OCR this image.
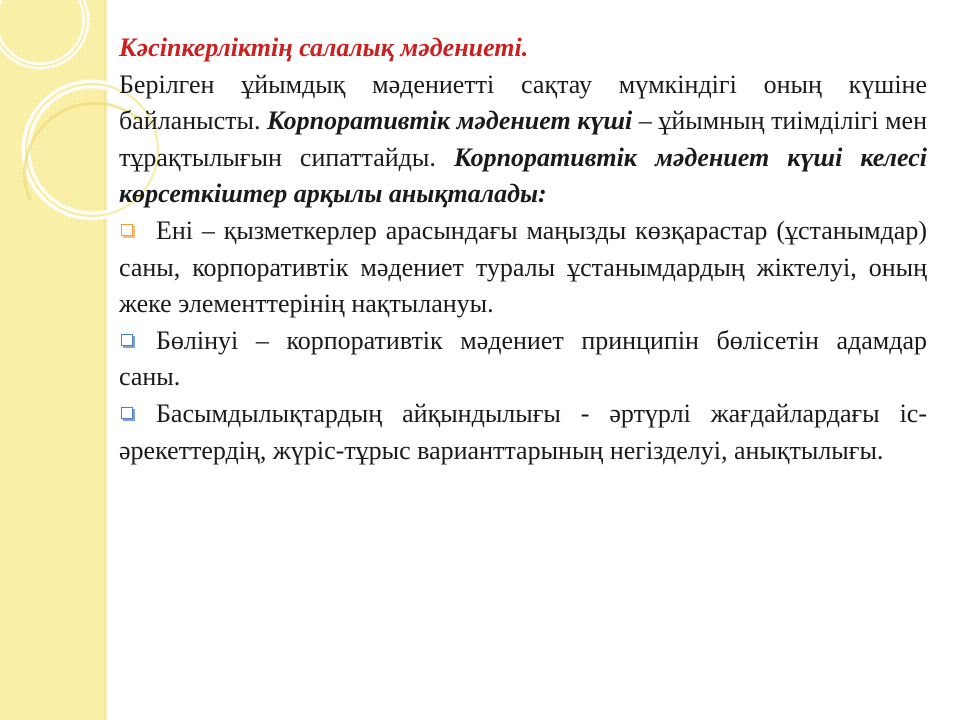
Кәсіпкерліктің салалық мәдениеті.

Берілген ұйымдық мәдениетті сақтау мүмкіндігі оның күшіне байланысты. Корпоративтік мәдениет күші – ұйымның тиімділігі мен тұрақтылығын сипаттайды. Корпоративтік мәдениет күші келесі көрсеткіштер арқылы анықталады:

Ені – қызметкерлер арасындағы маңызды көзқарастар (ұстанымдар) саны, корпоративтік мәдениет туралы ұстанымдардың жіктелуі, оның жеке элементтерінің нақтылануы.

Бөлінуі – корпоративтік мәдениет принципін бөлісетін адамдар саны.

Басымдылықтардың айқындылығы - әртүрлі жағдайлардағы іс-әрекеттердің, жүріс-тұрыс варианттарының негізделуі, анықтылығы.
